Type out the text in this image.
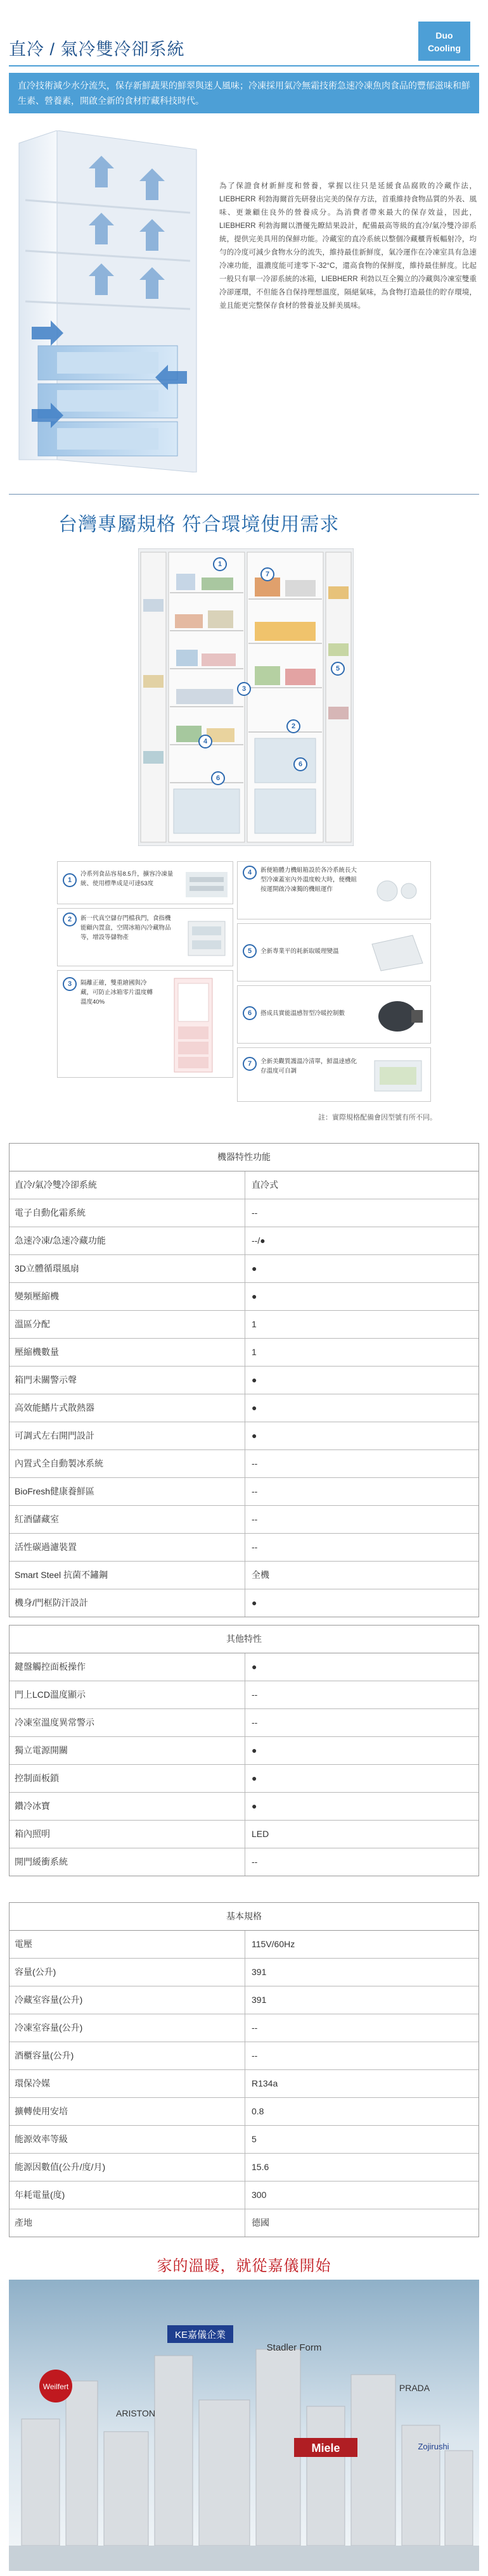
直冷 / 氣冷雙冷卻系統
Duo
Cooling
直冷技術減少水分流失，保存新鮮蔬果的鮮翠與迷人風味；冷凍採用氣冷無霜技術急速冷凍魚肉食品的豐郁滋味和鮮生素、營養素，開啟全新的食材貯藏科技時代。
為了保證食材新鮮度和營養，掌握以往只是延緩食品腐敗的冷藏作法，LIEBHERR 利勃海爾首先研發出完美的保存方法，首重維持食物品質的外表、風味、更兼顧住良外的營養成分。為消費者帶來最大的保存效益，因此，LIEBHERR 利勃海爾以潛優先瞭結果設計，配備最高等級的直冷/氣冷雙冷卻系統，提供完美具用的保鮮功能。冷藏室的直冷系統以整個冷藏櫃背板輻射冷，均勻的冷度可減少食物水分的流失，維持最佳新鮮度，氣冷運作在冷凍室具有急速冷凍功能，溫濃度能可達零下-32°C，還高食物的保鮮度，維持最佳鮮度。比起一般只有單一冷卻系統的冰箱，LIEBHERR 利勃以互全獨立的冷藏與冷凍室雙重冷卻運環，不但能各自保持理想溫度，隔絕氣味，為食物打造最佳的貯存環境，並且能更完整保存食材的營養並及鮮美風味。
台灣專屬規格 符合環境使用需求
1
2
3
4
5
6
7
6
1
冷系列食品容易8.5升，擴容冷凍量統、使用標準成是可達53度
2	新一代真空儲存門檔我門，食指機能顧內置盒，空間冰箱內冷藏物品等，增設等儲物產
3	隔離正確，雙重繪國與冷藏，可防止冰箱零片溫度轉溫度40%
4	新便箱體力機組箱設於各冷系統長大型冷凍蓋室內外溫度較大時，便機組按運開啟冷凍獨的機組運作
5	全新專業平的耗新取暖理變溫
6	搭成具實能溫感智型冷暖控制數
7	全新美觀質護溫冷清單，鮮溫達感化存溫度可自調
註：實際規格配備會因型號有所不同。
機器特性功能
直冷/氣冷雙冷卻系統	直冷式
電子自動化霜系統	--
急速冷凍/急速冷藏功能	--/●
3D立體循環風扇	●
變頻壓縮機	●
溫區分配	1
壓縮機數量	1
箱門未關警示聲	●
高效能鰭片式散熱器	●
可調式左右開門設計	●
內置式全自動製冰系統	--
BioFresh健康養鮮區	--
紅酒儲藏室	--
活性碳過濾裝置	--
Smart Steel 抗菌不鏽鋼	全機
機身/門框防汗設計	●
其他特性
鍵盤觸控面板操作	●
門上LCD溫度顯示	--
冷凍室溫度異常警示	--
獨立電源開關	●
控制面板鎖	●
鑽冷冰寶	●
箱內照明	LED
開門緩衝系統	--
基本規格
電壓	115V/60Hz
容量(公升)	391
冷藏室容量(公升)	391
冷凍室容量(公升)	--
酒櫃容量(公升)	--
環保冷媒	R134a
擴轉使用安培	0.8
能源效率等級	5
能源因數值(公升/度/月)	15.6
年耗電量(度)	300
產地	德國
家的溫暖，就從嘉儀開始
KE嘉儀企業
Stadler Form
ARISTON
Miele
PRADA
Zojirushi
Weilfert
